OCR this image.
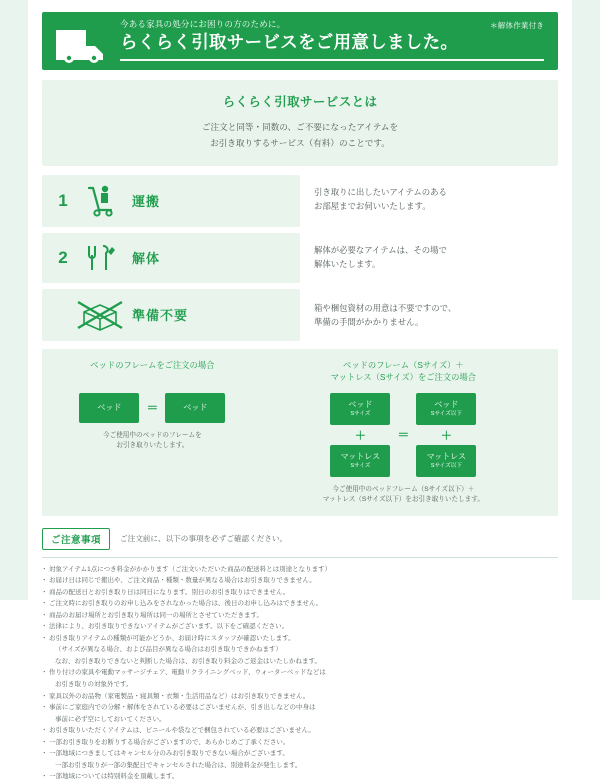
今ある家具の処分にお困りの方のために。
らくらく引取サービスをご用意しました。
＊解体作業付き
らくらく引取サービスとは

ご注文と同等・同数の、ご不要になったアイテムを

お引き取りするサービス（有料）のことです。

1	運搬
引き取りに出したいアイテムのある
お部屋までお伺いいたします。
2	解体
解体が必要なアイテムは、その場で
解体いたします。
準備不要
箱や梱包資材の用意は不要ですので、
準備の手間がかかりません。
ベッドのフレームをご注文の場合
ベッド ＝	ベッド
今ご使用中のベッドのフレームを
お引き取りいたします。
ベッドのフレーム（Sサイズ）＋
マットレス（Sサイズ）をご注文の場合
ベッド
Sサイズ
＋
マットレス
Sサイズ
＝
ベッド
Sサイズ以下
＋
マットレス
Sサイズ以下
今ご使用中のベッドフレーム（Sサイズ以下）＋
マットレス（Sサイズ以下）をお引き取りいたします。
ご注意事項	ご注文前に、以下の事項を必ずご確認ください。
・ 対象アイテム1点につき料金がかかります（ご注文いただいた商品の配送料とは別途となります）
・ お届け日は同じで搬出や、ご注文商品・種類・数量が異なる場合はお引き取りできません。
・ 商品の配送日とお引き取り日は同日になります。別日のお引き取りはできません。
・ ご注文時にお引き取りのお申し込みをされなかった場合は、後日のお申し込みはできません。
・ 商品のお届け場所とお引き取り場所は同一の場所とさせていただきます。
・ 法律により、お引き取りできないアイテムがございます。以下をご確認ください。
・ お引き取りアイテムの種類が可能かどうか、お届け時にスタッフが確認いたします。
（サイズが異なる場合、および品目が異なる場合はお引き取りできかねます）
なお、お引き取りできないと判断した場合は、お引き取り料金のご返金はいたしかねます。
・ 作り付けの家具や電動マッサージチェア、電動リクライニングベッド、ウォーターベッドなどは
お引き取りの対象外です。
・ 家具以外のお品物（家電製品・寝具類・衣類・生活用品など）はお引き取りできません。
・ 事前にご家庭内での分解・解体をされている必要はございませんが、引き出しなどの中身は
事前に必ず空にしておいてください。
・ お引き取りいただくアイテムは、ビニールや袋などで梱包されている必要はございません。
・ 一部お引き取りをお断りする場合がございますので、あらかじめご了承ください。
・ 一部地域につきましてはキャンセル分のみお引き取りできない場合がございます。
一部お引き取りが一部の集配日でキャンセルされた場合は、別途料金が発生します。
・ 一部地域については特別料金を頂戴します。
